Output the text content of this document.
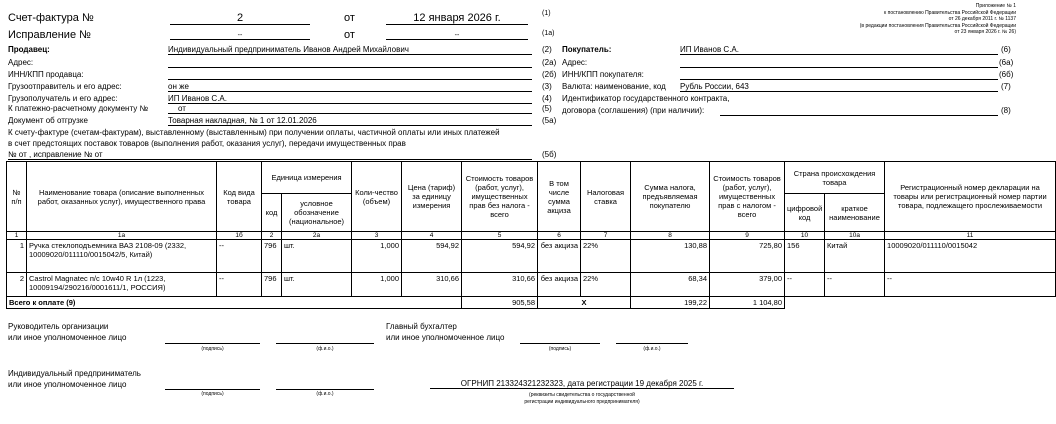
Приложение № 1
к постановлению Правительства Российской Федерации
от 26 декабря 2011 г. № 1137
(в редакции постановления Правительства Российской Федерации
от 23 января 2026 г. № 26)
Счет-фактура №	2	от	12 января 2026 г.	(1)
Исправление №	--	от	--	(1а)
Продавец:	Индивидуальный предприниматель Иванов Андрей Михайлович	(2)
Адрес:	(2а)
ИНН/КПП продавца:	(2б)
Грузоотправитель и его адрес:	он же	(3)
Грузополучатель и его адрес:	ИП Иванов С.А.	(4)
К платежно-расчетному документу №	от	(5)
Документ об отгрузке	Товарная накладная, № 1 от 12.01.2026	(5а)
Покупатель:	ИП Иванов С.А.	(6)
Адрес:	(6а)
ИНН/КПП покупателя:	(6б)
Валюта: наименование, код Рубль России, 643	(7)
Идентификатор государственного контракта,
договора (соглашения) (при наличии):	(8)
К счету-фактуре (счетам-фактурам), выставленному (выставленным) при получении оплаты, частичной оплаты или иных платежей
в счет предстоящих поставок товаров (выполнения работ, оказания услуг), передачи имущественных прав
№ от , исправление № от	(5б)
№ п/п	Наименование товара (описание выполненных работ, оказанных услуг), имущественного права	Код вида товара	Единица измерения		Коли-чество (объем)	Цена (тариф) за единицу измерения	Стоимость товаров (работ, услуг), имущественных прав без налога - всего	В том числе сумма акциза	Налоговая ставка	Сумма налога, предъявляемая покупателю	Стоимость товаров (работ, услуг), имущественных прав с налогом - всего	Страна происхождения товара		Регистрационный номер декларации на товары или регистрационный номер партии товара, подлежащего прослеживаемости
			код	условное обозначение (национальное)								цифровой код	краткое наименование	
1	1а	1б	2	2а	3	4	5	6	7	8	9	10	10а	11
1	Ручка стеклоподъемника ВАЗ 2108-09 (2332, 10009020/011110/0015042/5, Китай)	--	796	шт.	1,000	594,92	594,92	без акциза	22%	130,88	725,80	156	Китай	10009020/011110/0015042
2	Castrol Magnatec п/с 10w40 R 1л (1223, 10009194/290216/0001611/1, РОССИЯ)	--	796	шт.	1,000	310,66	310,66	без акциза	22%	68,34	379,00	--	--	--
Всего к оплате (9)							905,58	Х		199,22	1 104,80			
Руководитель организации
или иное уполномоченное лицо
(подпись)	(ф.и.о.)
Главный бухгалтер
или иное уполномоченное лицо
(подпись)	(ф.и.о.)
Индивидуальный предприниматель
или иное уполномоченное лицо
(подпись)	(ф.и.о.)
ОГРНИП 213324321232323, дата регистрации 19 декабря 2025 г.
(реквизиты свидетельства о государственной
регистрации индивидуального предпринимателя)
